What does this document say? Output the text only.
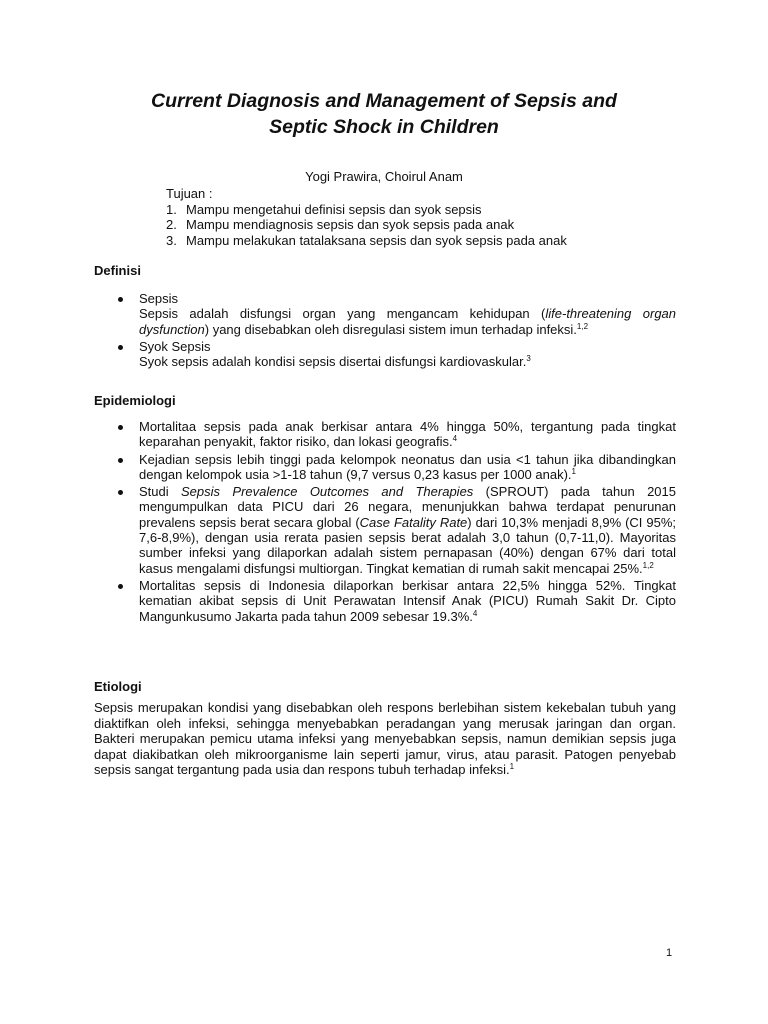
Current Diagnosis and Management of Sepsis and
Septic Shock in Children
Yogi Prawira, Choirul Anam
Tujuan :
1. Mampu mengetahui definisi sepsis dan syok sepsis
2. Mampu mendiagnosis sepsis dan syok sepsis pada anak
3. Mampu melakukan tatalaksana sepsis dan syok sepsis pada anak
Definisi

Sepsis

Sepsis adalah disfungsi organ yang mengancam kehidupan (life-threatening organ dysfunction) yang disebabkan oleh disregulasi sistem imun terhadap infeksi.$^{1,2}$

Syok Sepsis

Syok sepsis adalah kondisi sepsis disertai disfungsi kardiovaskular.$^3$

Epidemiologi

Mortalitaa sepsis pada anak berkisar antara 4% hingga 50%, tergantung pada tingkat keparahan penyakit, faktor risiko, dan lokasi geografis.$^4$

Kejadian sepsis lebih tinggi pada kelompok neonatus dan usia <1 tahun jika dibandingkan dengan kelompok usia >1-18 tahun (9,7 versus 0,23 kasus per 1000 anak).$^1$

Studi Sepsis Prevalence Outcomes and Therapies (SPROUT) pada tahun 2015 mengumpulkan data PICU dari 26 negara, menunjukkan bahwa terdapat penurunan prevalens sepsis berat secara global (Case Fatality Rate) dari 10,3% menjadi 8,9% (CI 95%; 7,6-8,9%), dengan usia rerata pasien sepsis berat adalah 3,0 tahun (0,7-11,0). Mayoritas sumber infeksi yang dilaporkan adalah sistem pernapasan (40%) dengan 67% dari total kasus mengalami disfungsi multiorgan. Tingkat kematian di rumah sakit mencapai 25%.$^{1,2}$

Mortalitas sepsis di Indonesia dilaporkan berkisar antara 22,5% hingga 52%. Tingkat kematian akibat sepsis di Unit Perawatan Intensif Anak (PICU) Rumah Sakit Dr. Cipto Mangunkusumo Jakarta pada tahun 2009 sebesar 19.3%.$^4$

Etiologi

Sepsis merupakan kondisi yang disebabkan oleh respons berlebihan sistem kekebalan tubuh yang diaktifkan oleh infeksi, sehingga menyebabkan peradangan yang merusak jaringan dan organ. Bakteri merupakan pemicu utama infeksi yang menyebabkan sepsis, namun demikian sepsis juga dapat diakibatkan oleh mikroorganisme lain seperti jamur, virus, atau parasit. Patogen penyebab sepsis sangat tergantung pada usia dan respons tubuh terhadap infeksi.$^1$

1
